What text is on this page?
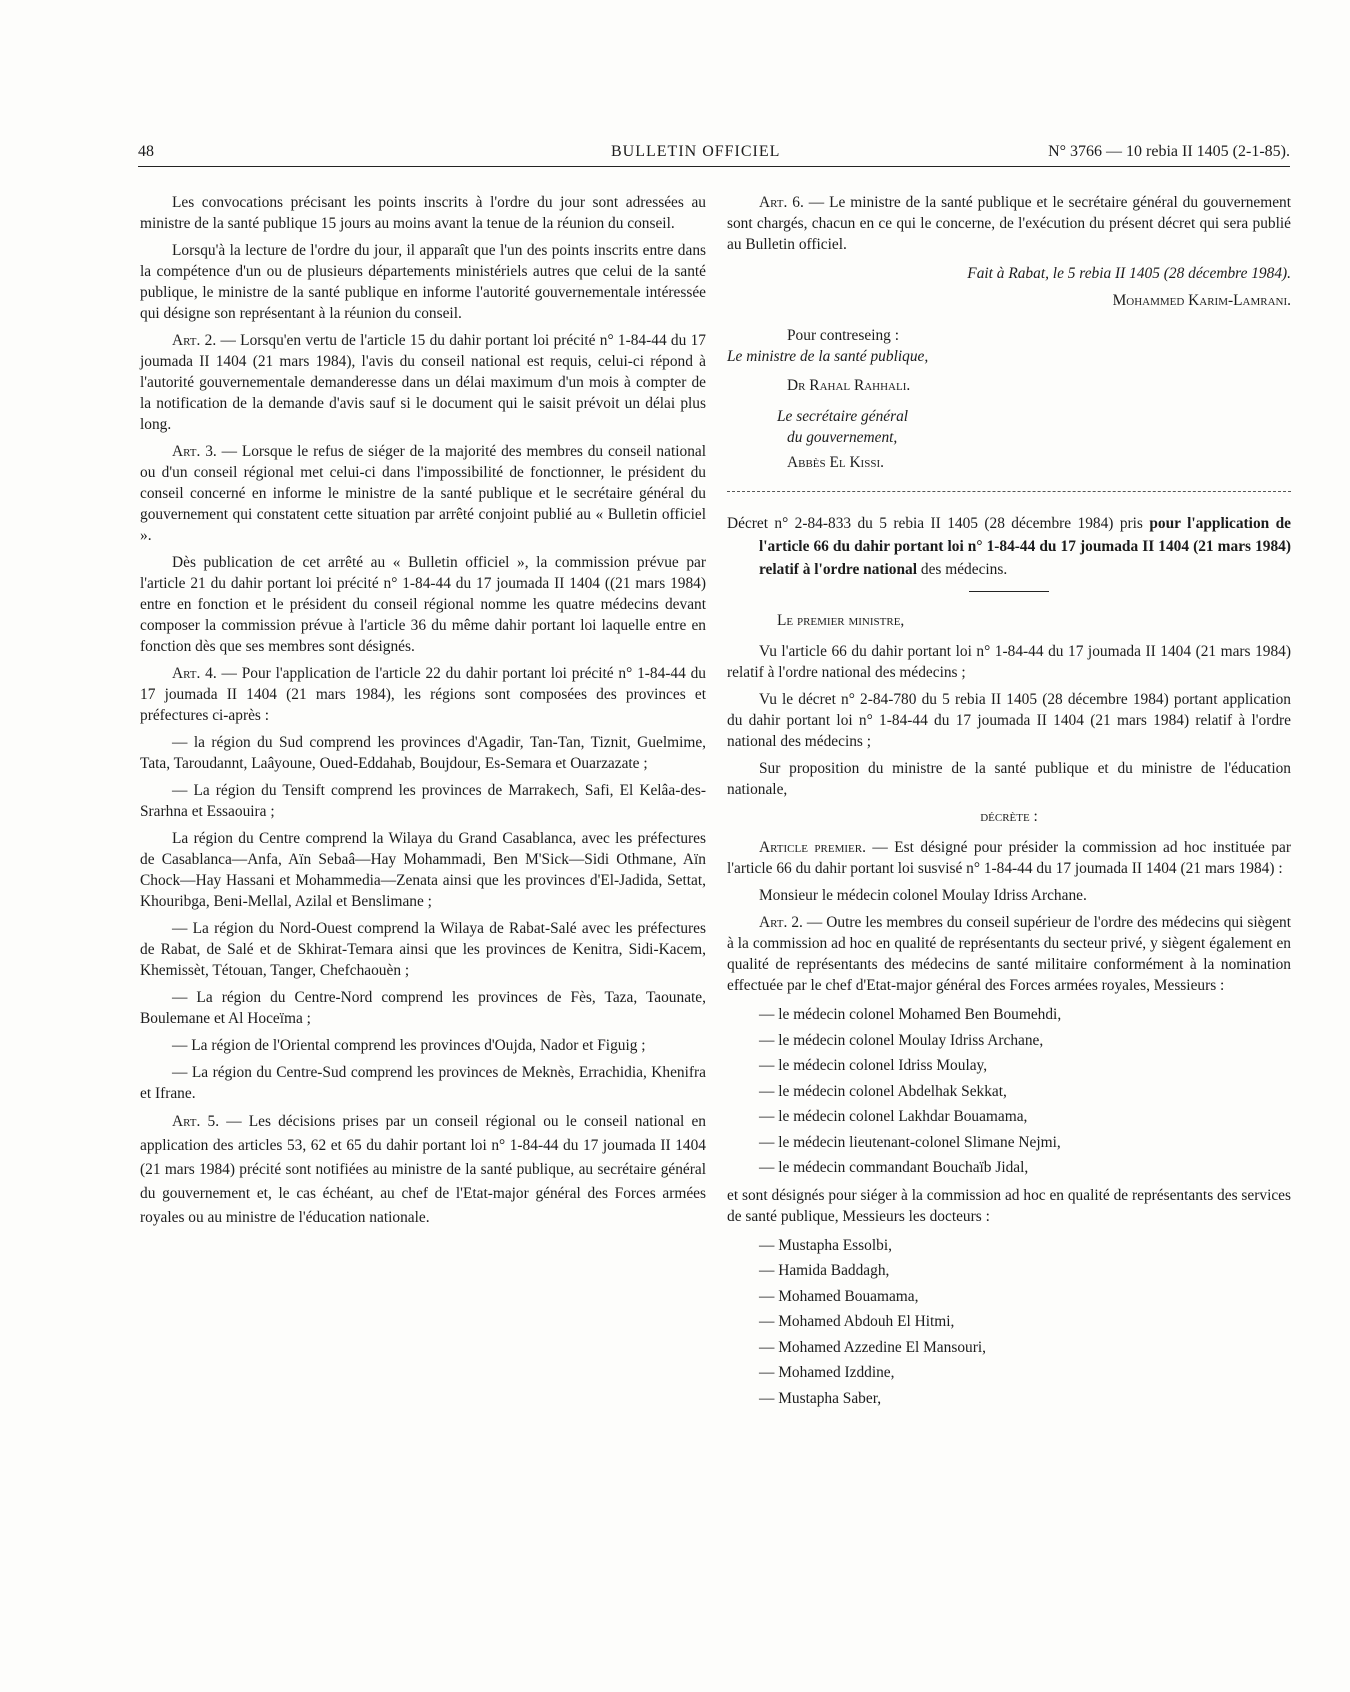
48	BULLETIN OFFICIEL	N° 3766 — 10 rebia II 1405 (2-1-85).

Les convocations précisant les points inscrits à l'ordre du jour sont adressées au ministre de la santé publique 15 jours au moins avant la tenue de la réunion du conseil.

Lorsqu'à la lecture de l'ordre du jour, il apparaît que l'un des points inscrits entre dans la compétence d'un ou de plusieurs départements ministériels autres que celui de la santé publique, le ministre de la santé publique en informe l'autorité gouvernementale intéressée qui désigne son représentant à la réunion du conseil.

Art. 2. — Lorsqu'en vertu de l'article 15 du dahir portant loi précité n° 1-84-44 du 17 joumada II 1404 (21 mars 1984), l'avis du conseil national est requis, celui-ci répond à l'autorité gouvernementale demanderesse dans un délai maximum d'un mois à compter de la notification de la demande d'avis sauf si le document qui le saisit prévoit un délai plus long.

Art. 3. — Lorsque le refus de siéger de la majorité des membres du conseil national ou d'un conseil régional met celui-ci dans l'impossibilité de fonctionner, le président du conseil concerné en informe le ministre de la santé publique et le secrétaire général du gouvernement qui constatent cette situation par arrêté conjoint publié au « Bulletin officiel ».

Dès publication de cet arrêté au « Bulletin officiel », la commission prévue par l'article 21 du dahir portant loi précité n° 1-84-44 du 17 joumada II 1404 ((21 mars 1984) entre en fonction et le président du conseil régional nomme les quatre médecins devant composer la commission prévue à l'article 36 du même dahir portant loi laquelle entre en fonction dès que ses membres sont désignés.

Art. 4. — Pour l'application de l'article 22 du dahir portant loi précité n° 1-84-44 du 17 joumada II 1404 (21 mars 1984), les régions sont composées des provinces et préfectures ci-après :

— la région du Sud comprend les provinces d'Agadir, Tan-Tan, Tiznit, Guelmime, Tata, Taroudannt, Laâyoune, Oued-Eddahab, Boujdour, Es-Semara et Ouarzazate ;

— La région du Tensift comprend les provinces de Marrakech, Safi, El Kelâa-des-Srarhna et Essaouira ;

La région du Centre comprend la Wilaya du Grand Casablanca, avec les préfectures de Casablanca—Anfa, Aïn Sebaâ—Hay Mohammadi, Ben M'Sick—Sidi Othmane, Aïn Chock—Hay Hassani et Mohammedia—Zenata ainsi que les provinces d'El-Jadida, Settat, Khouribga, Beni-Mellal, Azilal et Benslimane ;

— La région du Nord-Ouest comprend la Wilaya de Rabat-Salé avec les préfectures de Rabat, de Salé et de Skhirat-Temara ainsi que les provinces de Kenitra, Sidi-Kacem, Khemissèt, Tétouan, Tanger, Chefchaouèn ;

— La région du Centre-Nord comprend les provinces de Fès, Taza, Taounate, Boulemane et Al Hoceïma ;

— La région de l'Oriental comprend les provinces d'Oujda, Nador et Figuig ;

— La région du Centre-Sud comprend les provinces de Meknès, Errachidia, Khenifra et Ifrane.

Art. 5. — Les décisions prises par un conseil régional ou le conseil national en application des articles 53, 62 et 65 du dahir portant loi n° 1-84-44 du 17 joumada II 1404 (21 mars 1984) précité sont notifiées au ministre de la santé publique, au secrétaire général du gouvernement et, le cas échéant, au chef de l'Etat-major général des Forces armées royales ou au ministre de l'éducation nationale.

Art. 6. — Le ministre de la santé publique et le secrétaire général du gouvernement sont chargés, chacun en ce qui le concerne, de l'exécution du présent décret qui sera publié au Bulletin officiel.

Fait à Rabat, le 5 rebia II 1405 (28 décembre 1984).

Mohammed Karim-Lamrani.

Pour contreseing :

Le ministre de la santé publique,

Dr Rahal Rahhali.

Le secrétaire général

du gouvernement,

Abbès El Kissi.

Décret n° 2-84-833 du 5 rebia II 1405 (28 décembre 1984) pris pour l'application de l'article 66 du dahir portant loi n° 1-84-44 du 17 joumada II 1404 (21 mars 1984) relatif à l'ordre national des médecins.

Le premier ministre,

Vu l'article 66 du dahir portant loi n° 1-84-44 du 17 joumada II 1404 (21 mars 1984) relatif à l'ordre national des médecins ;

Vu le décret n° 2-84-780 du 5 rebia II 1405 (28 décembre 1984) portant application du dahir portant loi n° 1-84-44 du 17 joumada II 1404 (21 mars 1984) relatif à l'ordre national des médecins ;

Sur proposition du ministre de la santé publique et du ministre de l'éducation nationale,

décrète :

Article premier. — Est désigné pour présider la commission ad hoc instituée par l'article 66 du dahir portant loi susvisé n° 1-84-44 du 17 joumada II 1404 (21 mars 1984) :

Monsieur le médecin colonel Moulay Idriss Archane.

Art. 2. — Outre les membres du conseil supérieur de l'ordre des médecins qui siègent à la commission ad hoc en qualité de représentants du secteur privé, y siègent également en qualité de représentants des médecins de santé militaire conformément à la nomination effectuée par le chef d'Etat-major général des Forces armées royales, Messieurs :

— le médecin colonel Mohamed Ben Boumehdi,
— le médecin colonel Moulay Idriss Archane,
— le médecin colonel Idriss Moulay,
— le médecin colonel Abdelhak Sekkat,
— le médecin colonel Lakhdar Bouamama,
— le médecin lieutenant-colonel Slimane Nejmi,
— le médecin commandant Bouchaïb Jidal,

et sont désignés pour siéger à la commission ad hoc en qualité de représentants des services de santé publique, Messieurs les docteurs :

— Mustapha Essolbi,
— Hamida Baddagh,
— Mohamed Bouamama,
— Mohamed Abdouh El Hitmi,
— Mohamed Azzedine El Mansouri,
— Mohamed Izddine,
— Mustapha Saber,
